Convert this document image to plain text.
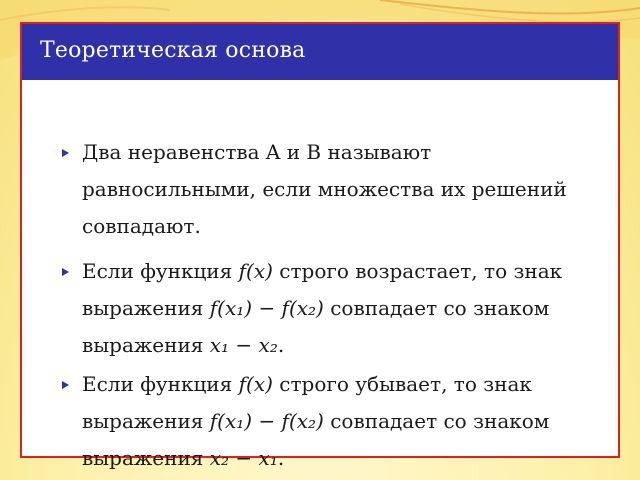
Теоретическая основа
Два неравенства A и B называют равносильными, если множества их решений совпадают.
Если функция f(x) строго возрастает, то знак выражения f(x₁) − f(x₂) совпадает со знаком выражения x₁ − x₂.
Если функция f(x) строго убывает, то знак выражения f(x₁) − f(x₂) совпадает со знаком выражения x₂ − x₁.
